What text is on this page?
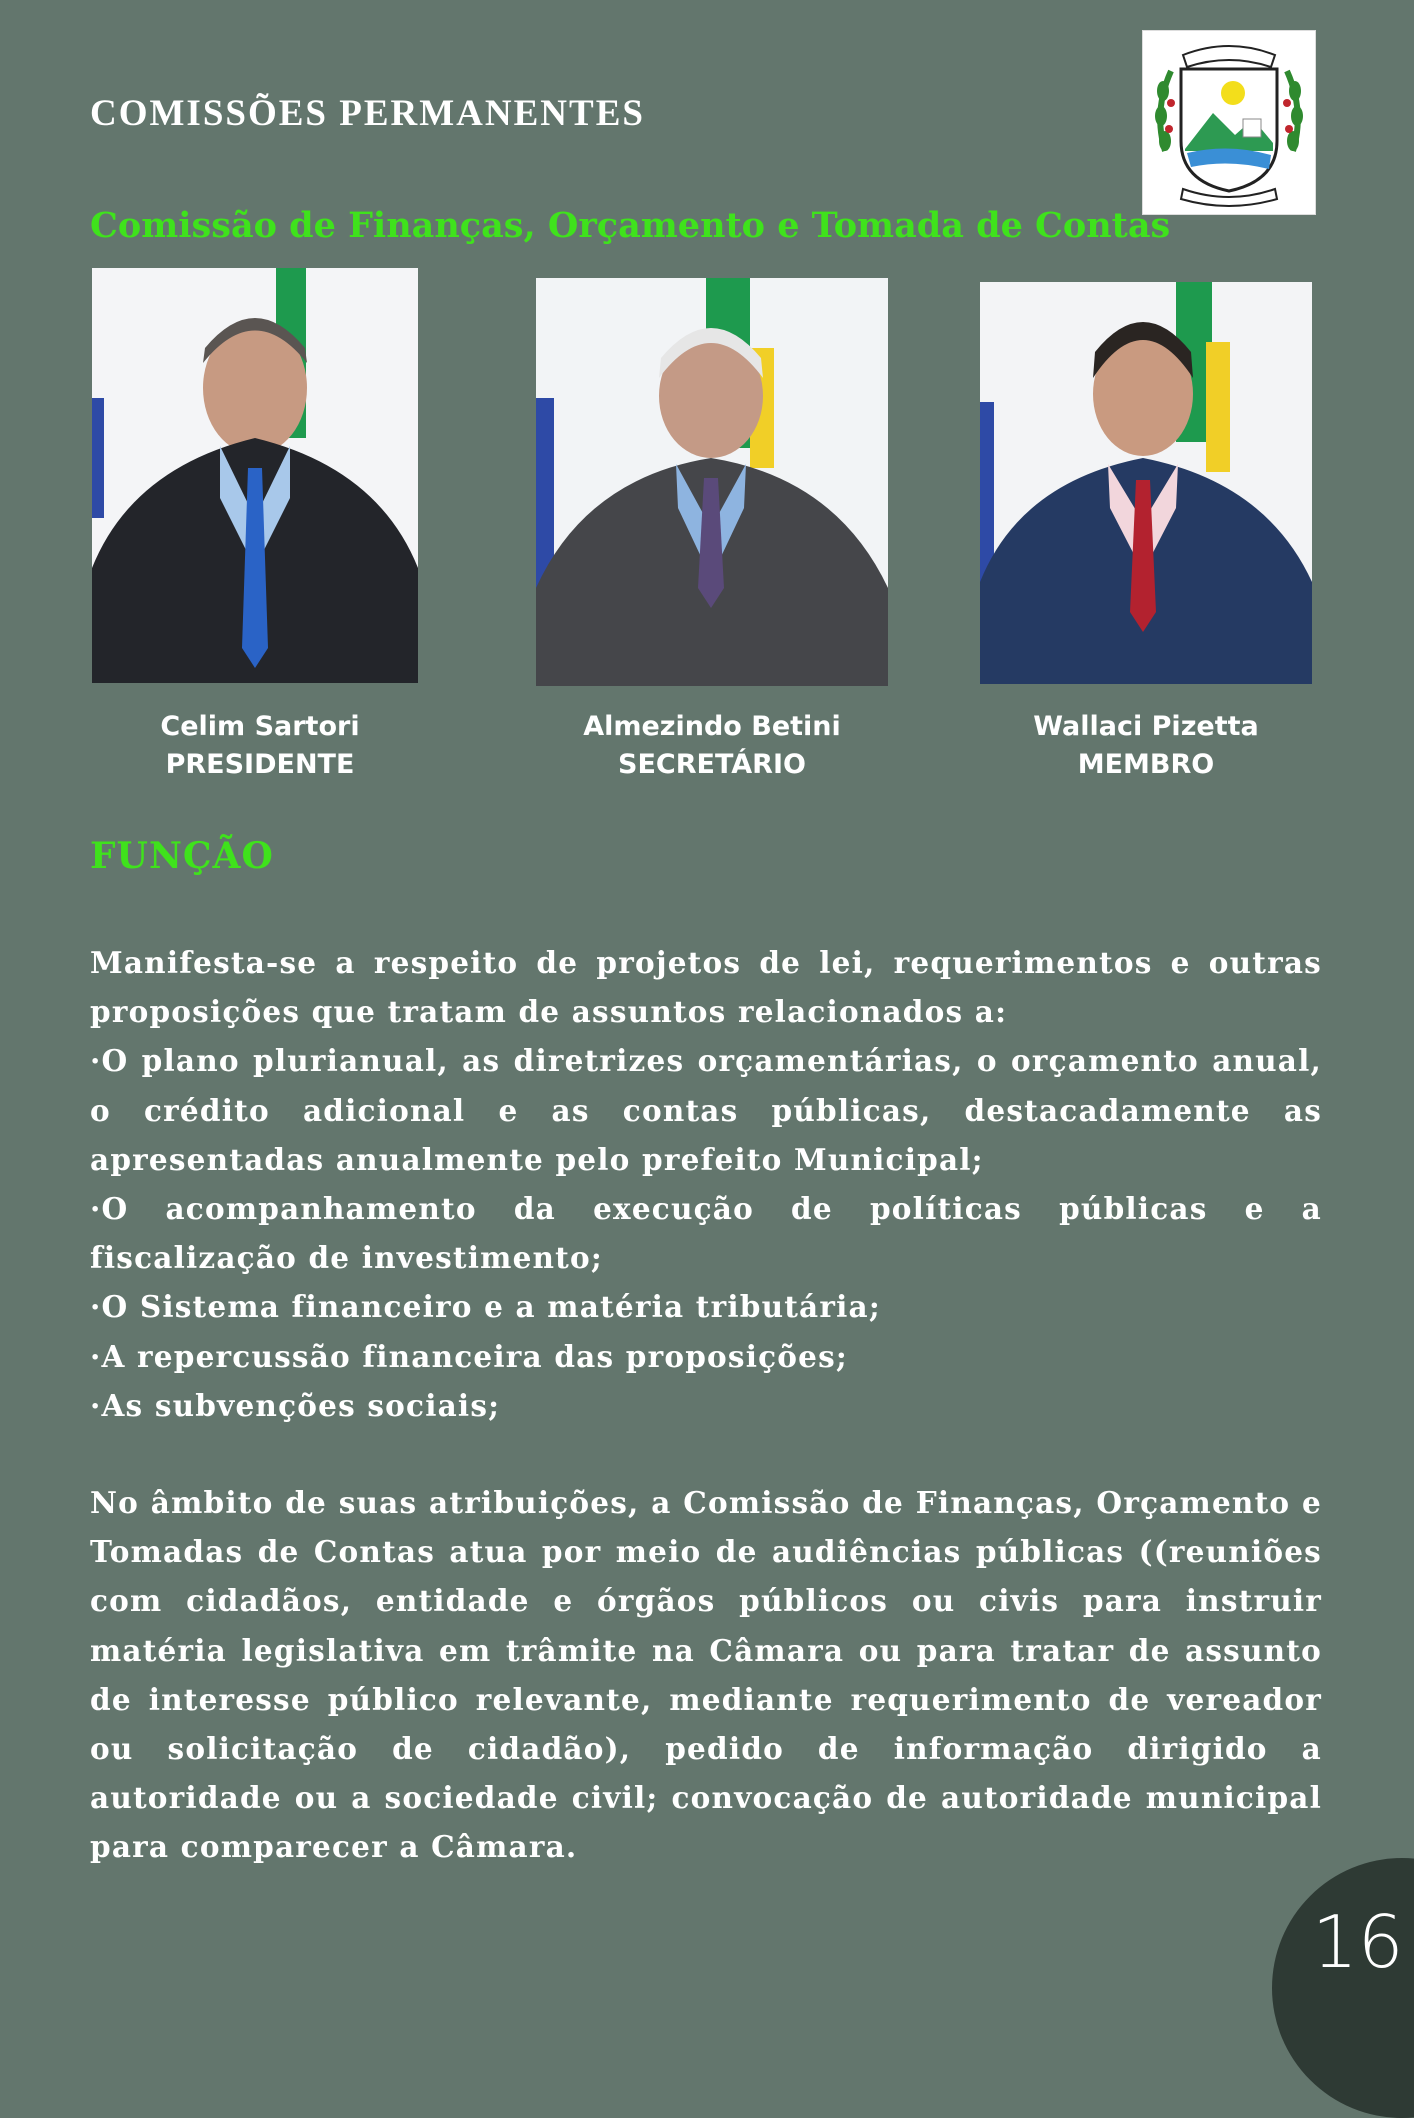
COMISSÕES PERMANENTES
Comissão de Finanças, Orçamento e Tomada de Contas
Celim Sartori
PRESIDENTE
Almezindo Betini
SECRETÁRIO
Wallaci Pizetta
MEMBRO
FUNÇÃO

Manifesta-se a respeito de projetos de lei, requerimentos e outras proposições que tratam de assuntos relacionados a:

·O plano plurianual, as diretrizes orçamentárias, o orçamento anual, o crédito adicional e as contas públicas, destacadamente as apresentadas anualmente pelo prefeito Municipal;

·O acompanhamento da execução de políticas públicas e a fiscalização de investimento;

·O Sistema financeiro e a matéria tributária;

·A repercussão financeira das proposições;

·As subvenções sociais;

No âmbito de suas atribuições, a Comissão de Finanças, Orçamento e Tomadas de Contas atua por meio de audiências públicas ((reuniões com cidadãos, entidade e órgãos públicos ou civis para instruir matéria legislativa em trâmite na Câmara ou para tratar de assunto de interesse público relevante, mediante requerimento de vereador ou solicitação de cidadão), pedido de informação dirigido a autoridade ou a sociedade civil; convocação de autoridade municipal para comparecer a Câmara.
16
